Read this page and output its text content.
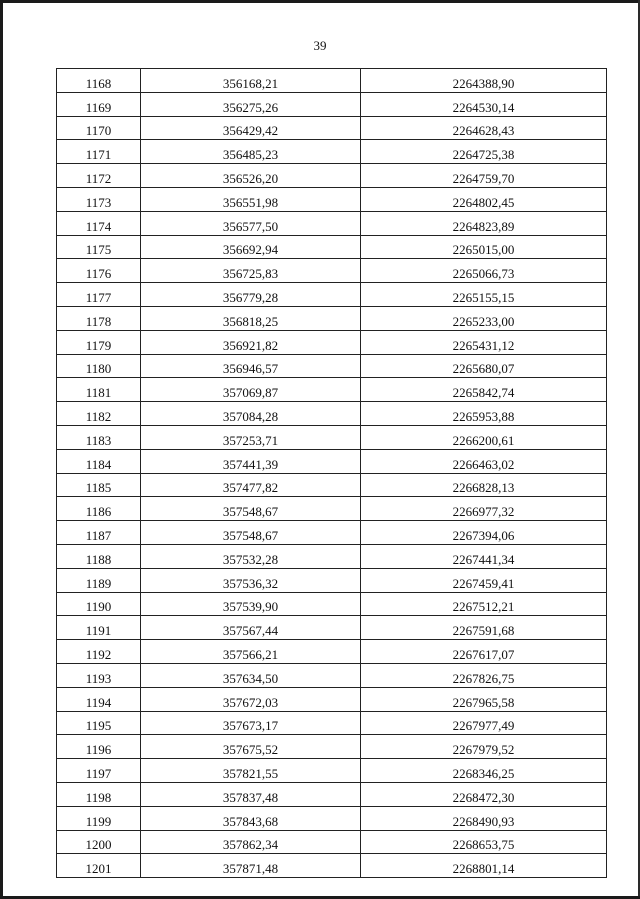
39
1168	356168,21	2264388,90
1169	356275,26	2264530,14
1170	356429,42	2264628,43
1171	356485,23	2264725,38
1172	356526,20	2264759,70
1173	356551,98	2264802,45
1174	356577,50	2264823,89
1175	356692,94	2265015,00
1176	356725,83	2265066,73
1177	356779,28	2265155,15
1178	356818,25	2265233,00
1179	356921,82	2265431,12
1180	356946,57	2265680,07
1181	357069,87	2265842,74
1182	357084,28	2265953,88
1183	357253,71	2266200,61
1184	357441,39	2266463,02
1185	357477,82	2266828,13
1186	357548,67	2266977,32
1187	357548,67	2267394,06
1188	357532,28	2267441,34
1189	357536,32	2267459,41
1190	357539,90	2267512,21
1191	357567,44	2267591,68
1192	357566,21	2267617,07
1193	357634,50	2267826,75
1194	357672,03	2267965,58
1195	357673,17	2267977,49
1196	357675,52	2267979,52
1197	357821,55	2268346,25
1198	357837,48	2268472,30
1199	357843,68	2268490,93
1200	357862,34	2268653,75
1201	357871,48	2268801,14
